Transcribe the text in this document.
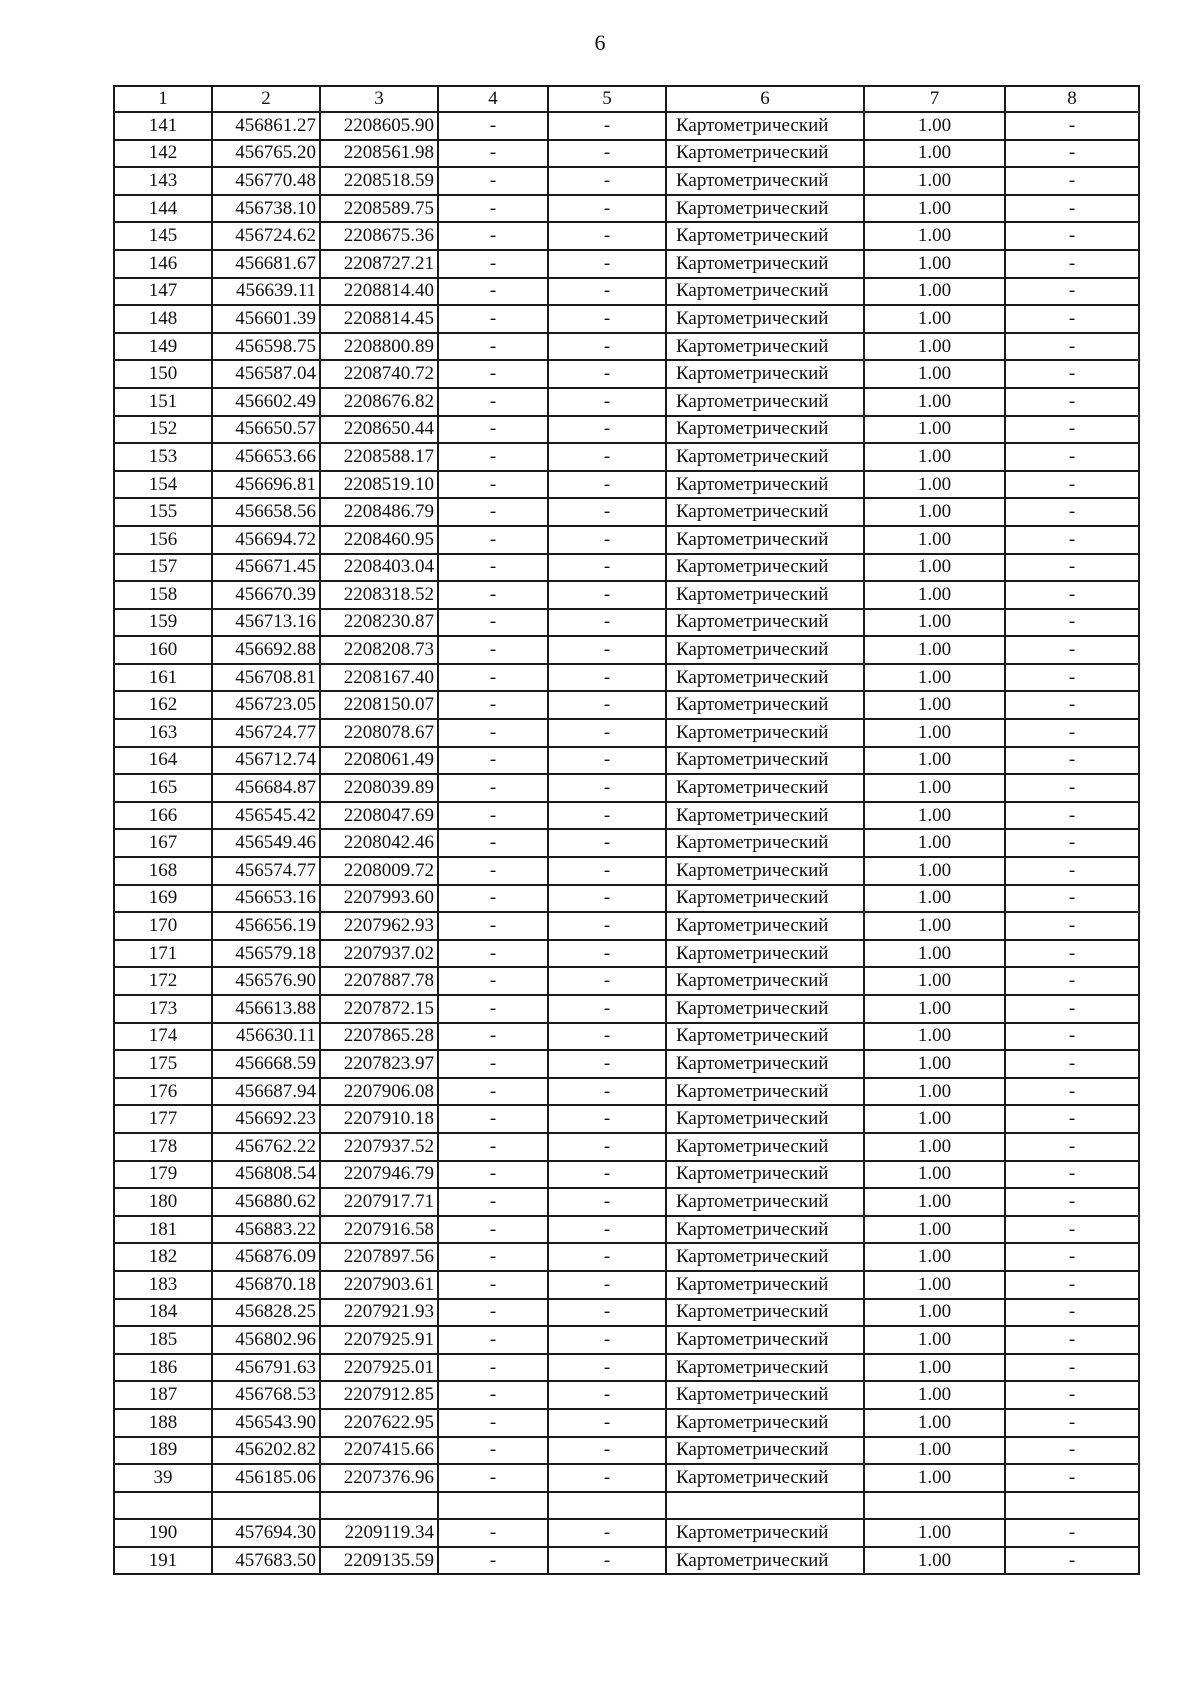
6
1	2	3	4	5	6	7	8
141	456861.27	2208605.90	-	-	Картометрический	1.00	-
142	456765.20	2208561.98	-	-	Картометрический	1.00	-
143	456770.48	2208518.59	-	-	Картометрический	1.00	-
144	456738.10	2208589.75	-	-	Картометрический	1.00	-
145	456724.62	2208675.36	-	-	Картометрический	1.00	-
146	456681.67	2208727.21	-	-	Картометрический	1.00	-
147	456639.11	2208814.40	-	-	Картометрический	1.00	-
148	456601.39	2208814.45	-	-	Картометрический	1.00	-
149	456598.75	2208800.89	-	-	Картометрический	1.00	-
150	456587.04	2208740.72	-	-	Картометрический	1.00	-
151	456602.49	2208676.82	-	-	Картометрический	1.00	-
152	456650.57	2208650.44	-	-	Картометрический	1.00	-
153	456653.66	2208588.17	-	-	Картометрический	1.00	-
154	456696.81	2208519.10	-	-	Картометрический	1.00	-
155	456658.56	2208486.79	-	-	Картометрический	1.00	-
156	456694.72	2208460.95	-	-	Картометрический	1.00	-
157	456671.45	2208403.04	-	-	Картометрический	1.00	-
158	456670.39	2208318.52	-	-	Картометрический	1.00	-
159	456713.16	2208230.87	-	-	Картометрический	1.00	-
160	456692.88	2208208.73	-	-	Картометрический	1.00	-
161	456708.81	2208167.40	-	-	Картометрический	1.00	-
162	456723.05	2208150.07	-	-	Картометрический	1.00	-
163	456724.77	2208078.67	-	-	Картометрический	1.00	-
164	456712.74	2208061.49	-	-	Картометрический	1.00	-
165	456684.87	2208039.89	-	-	Картометрический	1.00	-
166	456545.42	2208047.69	-	-	Картометрический	1.00	-
167	456549.46	2208042.46	-	-	Картометрический	1.00	-
168	456574.77	2208009.72	-	-	Картометрический	1.00	-
169	456653.16	2207993.60	-	-	Картометрический	1.00	-
170	456656.19	2207962.93	-	-	Картометрический	1.00	-
171	456579.18	2207937.02	-	-	Картометрический	1.00	-
172	456576.90	2207887.78	-	-	Картометрический	1.00	-
173	456613.88	2207872.15	-	-	Картометрический	1.00	-
174	456630.11	2207865.28	-	-	Картометрический	1.00	-
175	456668.59	2207823.97	-	-	Картометрический	1.00	-
176	456687.94	2207906.08	-	-	Картометрический	1.00	-
177	456692.23	2207910.18	-	-	Картометрический	1.00	-
178	456762.22	2207937.52	-	-	Картометрический	1.00	-
179	456808.54	2207946.79	-	-	Картометрический	1.00	-
180	456880.62	2207917.71	-	-	Картометрический	1.00	-
181	456883.22	2207916.58	-	-	Картометрический	1.00	-
182	456876.09	2207897.56	-	-	Картометрический	1.00	-
183	456870.18	2207903.61	-	-	Картометрический	1.00	-
184	456828.25	2207921.93	-	-	Картометрический	1.00	-
185	456802.96	2207925.91	-	-	Картометрический	1.00	-
186	456791.63	2207925.01	-	-	Картометрический	1.00	-
187	456768.53	2207912.85	-	-	Картометрический	1.00	-
188	456543.90	2207622.95	-	-	Картометрический	1.00	-
189	456202.82	2207415.66	-	-	Картометрический	1.00	-
39	456185.06	2207376.96	-	-	Картометрический	1.00	-

190	457694.30	2209119.34	-	-	Картометрический	1.00	-
191	457683.50	2209135.59	-	-	Картометрический	1.00	-
